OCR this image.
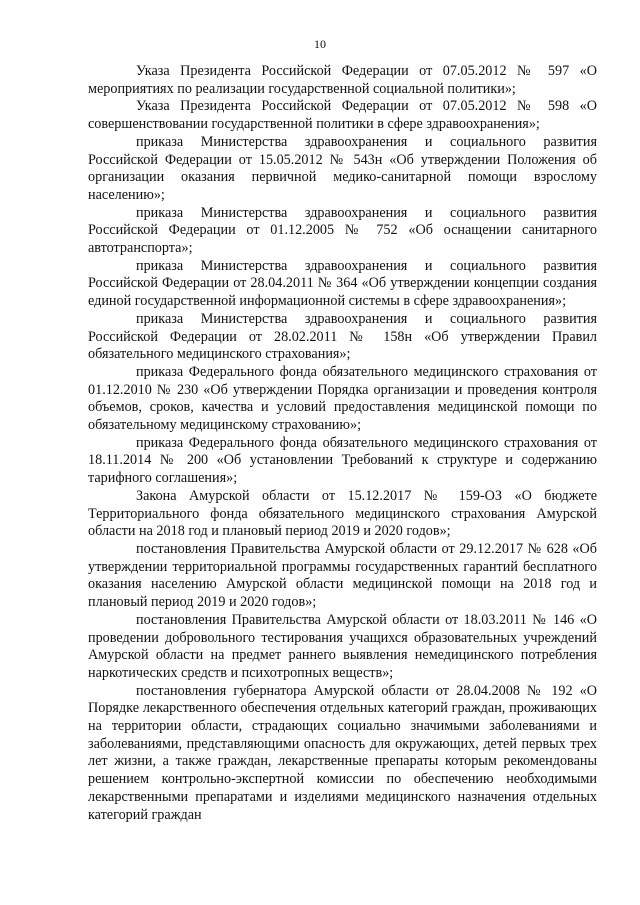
10

Указа Президента Российской Федерации от 07.05.2012 № 597 «О мероприятиях по реализации государственной социальной политики»;

Указа Президента Российской Федерации от 07.05.2012 № 598 «О совершенствовании государственной политики в сфере здравоохранения»;

приказа Министерства здравоохранения и социального развития Российской Федерации от 15.05.2012 № 543н «Об утверждении Положения об организации оказания первичной медико-санитарной помощи взрослому населению»;

приказа Министерства здравоохранения и социального развития Российской Федерации от 01.12.2005 № 752 «Об оснащении санитарного автотранспорта»;

приказа Министерства здравоохранения и социального развития Российской Федерации от 28.04.2011 № 364 «Об утверждении концепции создания единой государственной информационной системы в сфере здравоохранения»;

приказа Министерства здравоохранения и социального развития Российской Федерации от 28.02.2011 № 158н «Об утверждении Правил обязательного медицинского страхования»;

приказа Федерального фонда обязательного медицинского страхования от 01.12.2010 № 230 «Об утверждении Порядка организации и проведения контроля объемов, сроков, качества и условий предоставления медицинской помощи по обязательному медицинскому страхованию»;

приказа Федерального фонда обязательного медицинского страхования от 18.11.2014 № 200 «Об установлении Требований к структуре и содержанию тарифного соглашения»;

Закона Амурской области от 15.12.2017 № 159-ОЗ «О бюджете Территориального фонда обязательного медицинского страхования Амурской области на 2018 год и плановый период 2019 и 2020 годов»;

постановления Правительства Амурской области от 29.12.2017 № 628 «Об утверждении территориальной программы государственных гарантий бесплатного оказания населению Амурской области медицинской помощи на 2018 год и плановый период 2019 и 2020 годов»;

постановления Правительства Амурской области от 18.03.2011 № 146 «О проведении добровольного тестирования учащихся образовательных учреждений Амурской области на предмет раннего выявления немедицинского потребления наркотических средств и психотропных веществ»;

постановления губернатора Амурской области от 28.04.2008 № 192 «О Порядке лекарственного обеспечения отдельных категорий граждан, проживающих на территории области, страдающих социально значимыми заболеваниями и заболеваниями, представляющими опасность для окружающих, детей первых трех лет жизни, а также граждан, лекарственные препараты которым рекомендованы решением контрольно-экспертной комиссии по обеспечению необходимыми лекарственными препаратами и изделиями медицинского назначения отдельных категорий граждан
